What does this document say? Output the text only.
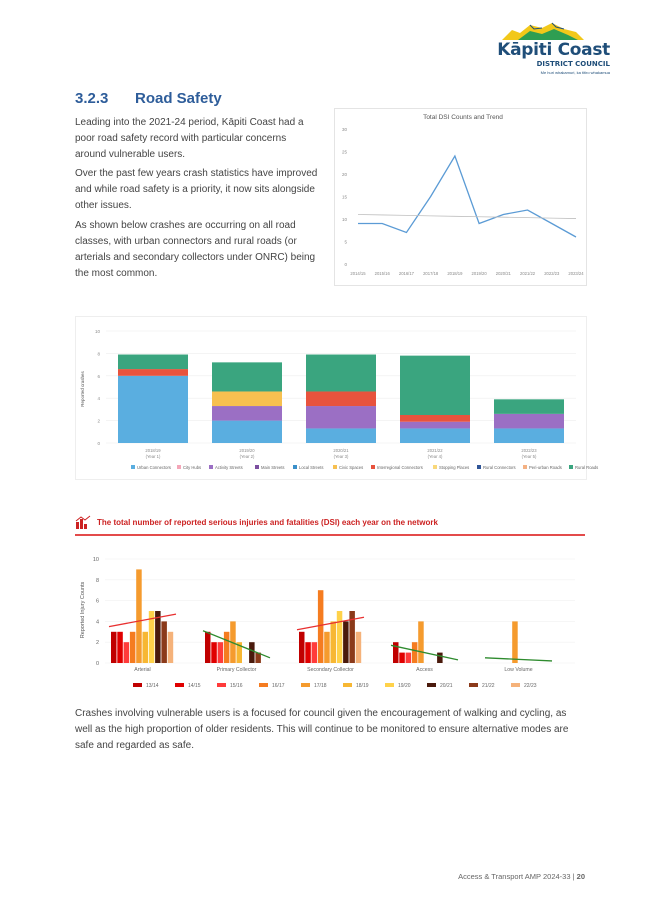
Kāpiti Coast
DISTRICT COUNCIL
Me huri whakamuri, ka titiro whakamua
3.2.3 Road Safety

Leading into the 2021-24 period, Kāpiti Coast had a poor road safety record with particular concerns around vulnerable users.

Over the past few years crash statistics have improved and while road safety is a priority, it now sits alongside other issues.

As shown below crashes are occurring on all road classes, with urban connectors and rural roads (or arterials and secondary collectors under ONRC) being the most common.

Total DSI Counts and Trend
30
25
20
15
10
5
0
2014/15 2015/16 2016/17 2017/18 2018/19 2019/20 2020/21 2021/22 2022/23 2023/24
Reported crashes
10
8
6
4
2
0
2018/19
(Year 1)
2019/20
(Year 2)
2020/21
(Year 3)
2021/22
(Year 4)
2022/23
(Year 5)
Urban Connectors	City Hubs	Activity Streets	Main Streets	Local Streets	Civic Spaces	Interregional Connectors	Stopping Places	Rural Connectors	Peri-urban Roads	Rural Roads
The total number of reported serious injuries and fatalities (DSI) each year on the network
Reported Injury Counts
10
8
6
4
2
0
Arterial	Primary Collector	Secondary Collector	Access	Low Volume
13/14	14/15	15/16	16/17	17/18	18/19	19/20	20/21	21/22	22/23

Crashes involving vulnerable users is a focused for council given the encouragement of walking and cycling, as well as the high proportion of older residents. This will continue to be monitored to ensure alternative modes are safe and regarded as safe.

Access & Transport AMP 2024-33 | 20
